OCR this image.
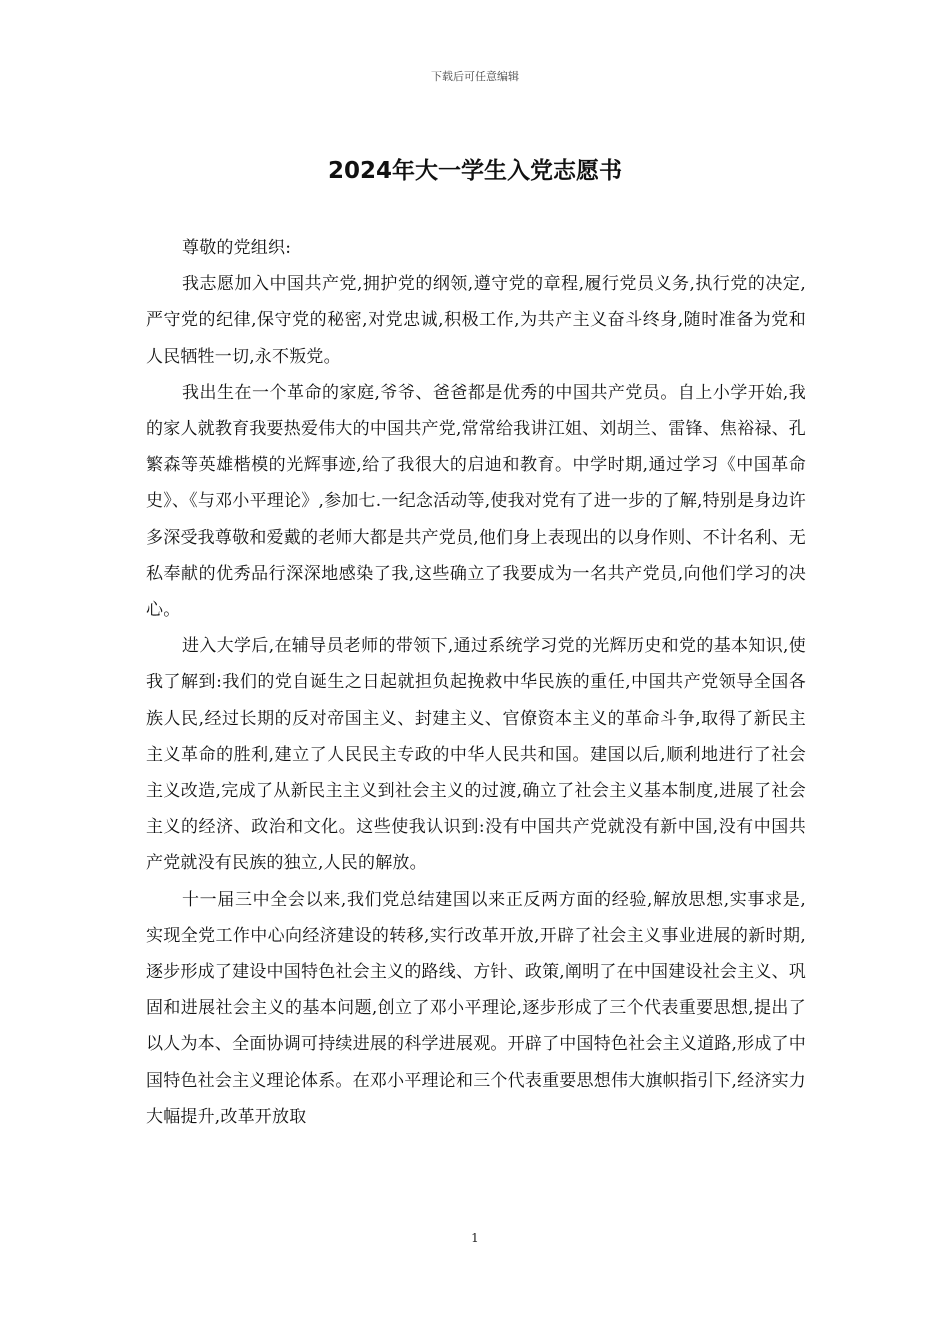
下载后可任意编辑
2024年大一学生入党志愿书

尊敬的党组织:

我志愿加入中国共产党,拥护党的纲领,遵守党的章程,履行党员义务,执行党的决定,严守党的纪律,保守党的秘密,对党忠诚,积极工作,为共产主义奋斗终身,随时准备为党和人民牺牲一切,永不叛党。

我出生在一个革命的家庭,爷爷、爸爸都是优秀的中国共产党员。自上小学开始,我的家人就教育我要热爱伟大的中国共产党,常常给我讲江姐、刘胡兰、雷锋、焦裕禄、孔繁森等英雄楷模的光辉事迹,给了我很大的启迪和教育。中学时期,通过学习《中国革命史》、《与邓小平理论》,参加七.一纪念活动等,使我对党有了进一步的了解,特别是身边许多深受我尊敬和爱戴的老师大都是共产党员,他们身上表现出的以身作则、不计名利、无私奉献的优秀品行深深地感染了我,这些确立了我要成为一名共产党员,向他们学习的决心。

进入大学后,在辅导员老师的带领下,通过系统学习党的光辉历史和党的基本知识,使我了解到:我们的党自诞生之日起就担负起挽救中华民族的重任,中国共产党领导全国各族人民,经过长期的反对帝国主义、封建主义、官僚资本主义的革命斗争,取得了新民主主义革命的胜利,建立了人民民主专政的中华人民共和国。建国以后,顺利地进行了社会主义改造,完成了从新民主主义到社会主义的过渡,确立了社会主义基本制度,进展了社会主义的经济、政治和文化。这些使我认识到:没有中国共产党就没有新中国,没有中国共产党就没有民族的独立,人民的解放。

十一届三中全会以来,我们党总结建国以来正反两方面的经验,解放思想,实事求是,实现全党工作中心向经济建设的转移,实行改革开放,开辟了社会主义事业进展的新时期,逐步形成了建设中国特色社会主义的路线、方针、政策,阐明了在中国建设社会主义、巩固和进展社会主义的基本问题,创立了邓小平理论,逐步形成了三个代表重要思想,提出了以人为本、全面协调可持续进展的科学进展观。开辟了中国特色社会主义道路,形成了中国特色社会主义理论体系。在邓小平理论和三个代表重要思想伟大旗帜指引下,经济实力大幅提升,改革开放取

1
